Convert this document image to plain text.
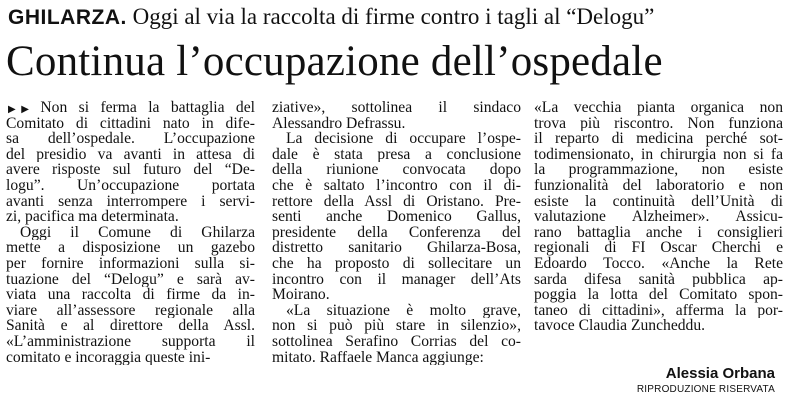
GHILARZA. Oggi al via la raccolta di firme contro i tagli al “Delogu”
Continua l’occupazione dell’ospedale
▶▶ Non si ferma la battaglia del
Comitato di cittadini nato in dife-
sa dell’ospedale. L’occupazione
del presidio va avanti in attesa di
avere risposte sul futuro del “De-
logu”. Un’occupazione portata
avanti senza interrompere i servi-
zi, pacifica ma determinata.
Oggi il Comune di Ghilarza
mette a disposizione un gazebo
per fornire informazioni sulla si-
tuazione del “Delogu” e sarà av-
viata una raccolta di firme da in-
viare all’assessore regionale alla
Sanità e al direttore della Assl.
«L’amministrazione supporta il
comitato e incoraggia queste ini-
ziative», sottolinea il sindaco
Alessandro Defrassu.
La decisione di occupare l’ospe-
dale è stata presa a conclusione
della riunione convocata dopo
che è saltato l’incontro con il di-
rettore della Assl di Oristano. Pre-
senti anche Domenico Gallus,
presidente della Conferenza del
distretto sanitario Ghilarza-Bosa,
che ha proposto di sollecitare un
incontro con il manager dell’Ats
Moirano.
«La situazione è molto grave,
non si può più stare in silenzio»,
sottolinea Serafino Corrias del co-
mitato. Raffaele Manca aggiunge:
«La vecchia pianta organica non
trova più riscontro. Non funziona
il reparto di medicina perché sot-
todimensionato, in chirurgia non si fa
la programmazione, non esiste
funzionalità del laboratorio e non
esiste la continuità dell’Unità di
valutazione Alzheimer». Assicu-
rano battaglia anche i consiglieri
regionali di FI Oscar Cherchi e
Edoardo Tocco. «Anche la Rete
sarda difesa sanità pubblica ap-
poggia la lotta del Comitato spon-
taneo di cittadini», afferma la por-
tavoce Claudia Zuncheddu.
Alessia Orbana
RIPRODUZIONE RISERVATA
